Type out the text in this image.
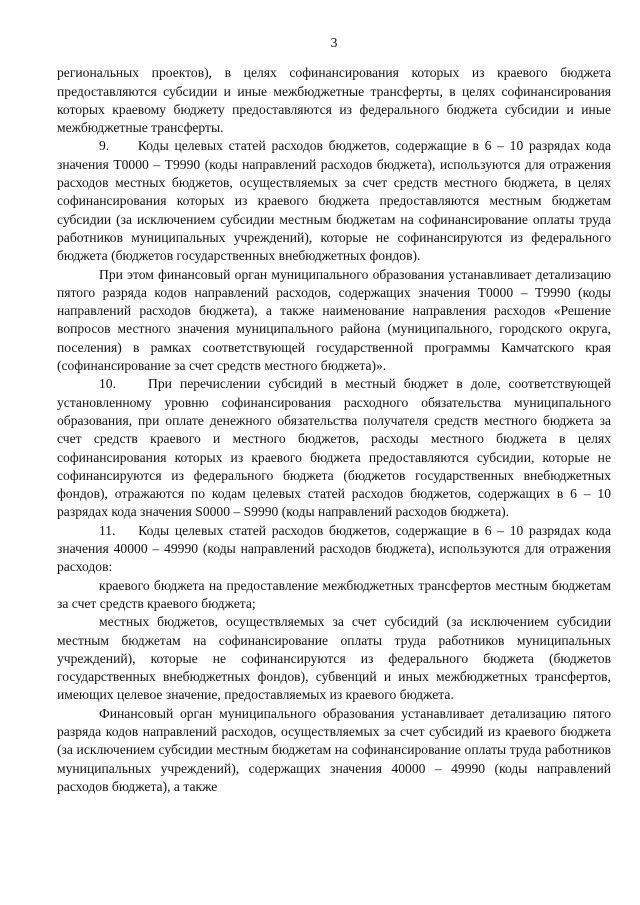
3

региональных проектов), в целях софинансирования которых из краевого бюджета предоставляются субсидии и иные межбюджетные трансферты, в целях софинансирования которых краевому бюджету предоставляются из федерального бюджета субсидии и иные межбюджетные трансферты.

9.     Коды целевых статей расходов бюджетов, содержащие в 6 – 10 разрядах кода значения Т0000 – Т9990 (коды направлений расходов бюджета), используются для отражения расходов местных бюджетов, осуществляемых за счет средств местного бюджета, в целях софинансирования которых из краевого бюджета предоставляются местным бюджетам субсидии (за исключением субсидии местным бюджетам на софинансирование оплаты труда работников муниципальных учреждений), которые не софинансируются из федерального бюджета (бюджетов государственных внебюджетных фондов).

При этом финансовый орган муниципального образования устанавливает детализацию пятого разряда кодов направлений расходов, содержащих значения Т0000 – Т9990 (коды направлений расходов бюджета), а также наименование направления расходов «Решение вопросов местного значения муниципального района (муниципального, городского округа, поселения) в рамках соответствующей государственной программы Камчатского края (софинансирование за счет средств местного бюджета)».

10.    При перечислении субсидий в местный бюджет в доле, соответствующей установленному уровню софинансирования расходного обязательства муниципального образования, при оплате денежного обязательства получателя средств местного бюджета за счет средств краевого и местного бюджетов, расходы местного бюджета в целях софинансирования которых из краевого бюджета предоставляются субсидии, которые не софинансируются из федерального бюджета (бюджетов государственных внебюджетных фондов), отражаются по кодам целевых статей расходов бюджетов, содержащих в 6 – 10 разрядах кода значения S0000 – S9990 (коды направлений расходов бюджета).

11.    Коды целевых статей расходов бюджетов, содержащие в 6 – 10 разрядах кода значения 40000 – 49990 (коды направлений расходов бюджета), используются для отражения расходов:

краевого бюджета на предоставление межбюджетных трансфертов местным бюджетам за счет средств краевого бюджета;

местных бюджетов, осуществляемых за счет субсидий (за исключением субсидии местным бюджетам на софинансирование оплаты труда работников муниципальных учреждений), которые не софинансируются из федерального бюджета (бюджетов государственных внебюджетных фондов), субвенций и иных межбюджетных трансфертов, имеющих целевое значение, предоставляемых из краевого бюджета.

Финансовый орган муниципального образования устанавливает детализацию пятого разряда кодов направлений расходов, осуществляемых за счет субсидий из краевого бюджета (за исключением субсидии местным бюджетам на софинансирование оплаты труда работников муниципальных учреждений), содержащих значения 40000 – 49990 (коды направлений расходов бюджета), а также
